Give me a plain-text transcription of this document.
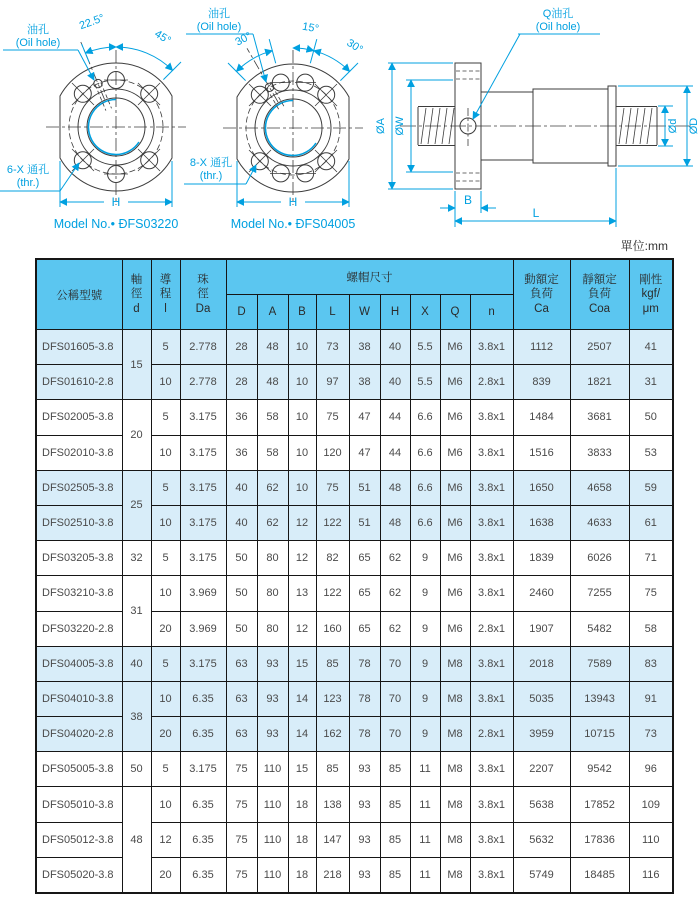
22.5°
45°
油孔
(Oil hole)
6-X 通孔
(thr.)
H
Model No.• ĐFS03220
30°
15°
30°
油孔
(Oil hole)
8-X 通孔
(thr.)
H
Model No.• ĐFS04005
Q油孔
(Oil hole)
ØA ØW	Ød ØD
B
L
單位:mm
公稱型號	軸
徑
d	導
程
l	珠
徑
Da	螺帽尺寸									動額定
負荷
Ca	靜額定
負荷
Coa	剛性
kgf/
μm
				D	A	B	L	W	H	X	Q	n			
DFS01605-3.8	15	5	2.778	28	48	10	73	38	40	5.5	M6	3.8x1	1112	2507	41
DFS01610-2.8		10	2.778	28	48	10	97	38	40	5.5	M6	2.8x1	839	1821	31
DFS02005-3.8	20	5	3.175	36	58	10	75	47	44	6.6	M6	3.8x1	1484	3681	50
DFS02010-3.8		10	3.175	36	58	10	120	47	44	6.6	M6	3.8x1	1516	3833	53
DFS02505-3.8	25	5	3.175	40	62	10	75	51	48	6.6	M6	3.8x1	1650	4658	59
DFS02510-3.8		10	3.175	40	62	12	122	51	48	6.6	M6	3.8x1	1638	4633	61
DFS03205-3.8	32	5	3.175	50	80	12	82	65	62	9	M6	3.8x1	1839	6026	71
DFS03210-3.8	31	10	3.969	50	80	13	122	65	62	9	M6	3.8x1	2460	7255	75
DFS03220-2.8		20	3.969	50	80	12	160	65	62	9	M6	2.8x1	1907	5482	58
DFS04005-3.8	40	5	3.175	63	93	15	85	78	70	9	M8	3.8x1	2018	7589	83
DFS04010-3.8	38	10	6.35	63	93	14	123	78	70	9	M8	3.8x1	5035	13943	91
DFS04020-2.8		20	6.35	63	93	14	162	78	70	9	M8	2.8x1	3959	10715	73
DFS05005-3.8	50	5	3.175	75	110	15	85	93	85	11	M8	3.8x1	2207	9542	96
DFS05010-3.8	48	10	6.35	75	110	18	138	93	85	11	M8	3.8x1	5638	17852	109
DFS05012-3.8		12	6.35	75	110	18	147	93	85	11	M8	3.8x1	5632	17836	110
DFS05020-3.8		20	6.35	75	110	18	218	93	85	11	M8	3.8x1	5749	18485	116
